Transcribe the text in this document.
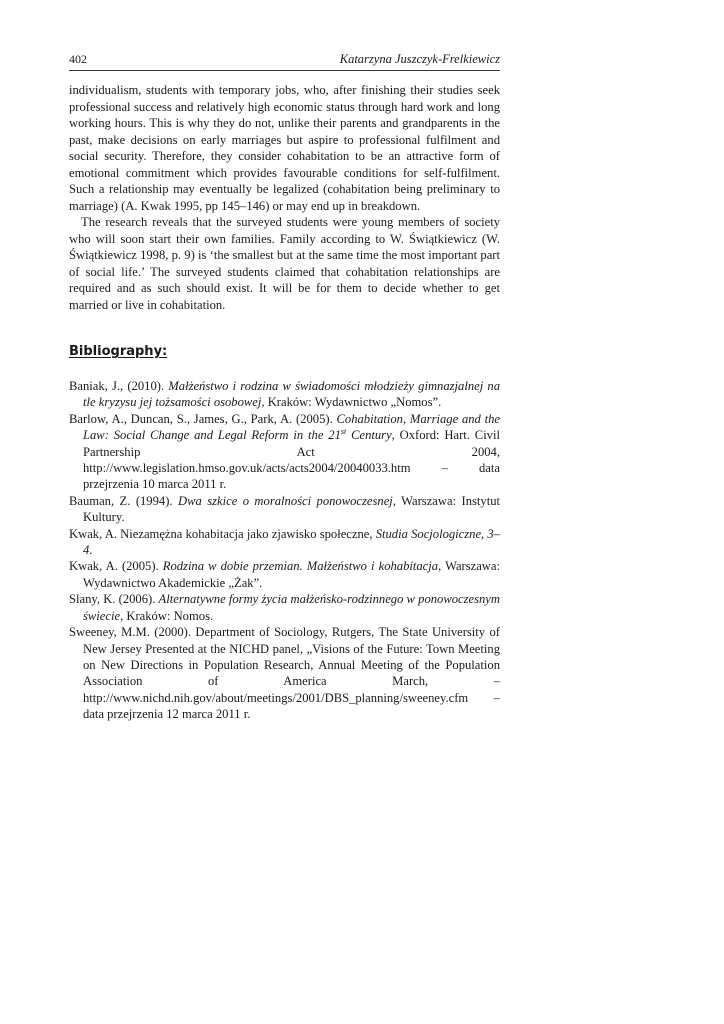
402	Katarzyna Juszczyk-Frelkiewicz

individualism, students with temporary jobs, who, after finishing their studies seek professional success and relatively high economic status through hard work and long working hours. This is why they do not, unlike their parents and grandparents in the past, make decisions on early marriages but aspire to professional fulfilment and social security. Therefore, they consider cohabitation to be an attractive form of emotional commitment which provides favourable conditions for self-fulfilment. Such a relationship may eventually be legalized (cohabitation being preliminary to marriage) (A. Kwak 1995, pp 145–146) or may end up in breakdown.

The research reveals that the surveyed students were young members of society who will soon start their own families. Family according to W. Świątkiewicz (W. Świątkiewicz 1998, p. 9) is ‘the smallest but at the same time the most important part of social life.’ The surveyed students claimed that cohabitation relationships are required and as such should exist. It will be for them to decide whether to get married or live in cohabitation.

Bibliography:

Baniak, J., (2010). Małżeństwo i rodzina w świadomości młodzieży gimnazjalnej na tle kryzysu jej tożsamości osobowej, Kraków: Wydawnictwo „Nomos”.

Barlow, A., Duncan, S., James, G., Park, A. (2005). Cohabitation, Marriage and the Law: Social Change and Legal Reform in the 21st Century, Oxford: Hart. Civil Partnership Act 2004, http://www.legislation.hmso.gov.uk/acts/acts2004/20040033.htm – data przejrzenia 10 marca 2011 r.

Bauman, Z. (1994). Dwa szkice o moralności ponowoczesnej, Warszawa: Instytut Kultury.

Kwak, A. Niezamężna kohabitacja jako zjawisko społeczne, Studia Socjologiczne, 3–4.

Kwak, A. (2005). Rodzina w dobie przemian. Małżeństwo i kohabitacja, Warszawa: Wydawnictwo Akademickie „Żak”.

Slany, K. (2006). Alternatywne formy życia małżeńsko-rodzinnego w ponowoczesnym świecie, Kraków: Nomos.

Sweeney, M.M. (2000). Department of Sociology, Rutgers, The State University of New Jersey Presented at the NICHD panel, „Visions of the Future: Town Meeting on New Directions in Population Research, Annual Meeting of the Population Association of America March, – http://www.nichd.nih.gov/about/meetings/2001/DBS_planning/sweeney.cfm – data przejrzenia 12 marca 2011 r.
